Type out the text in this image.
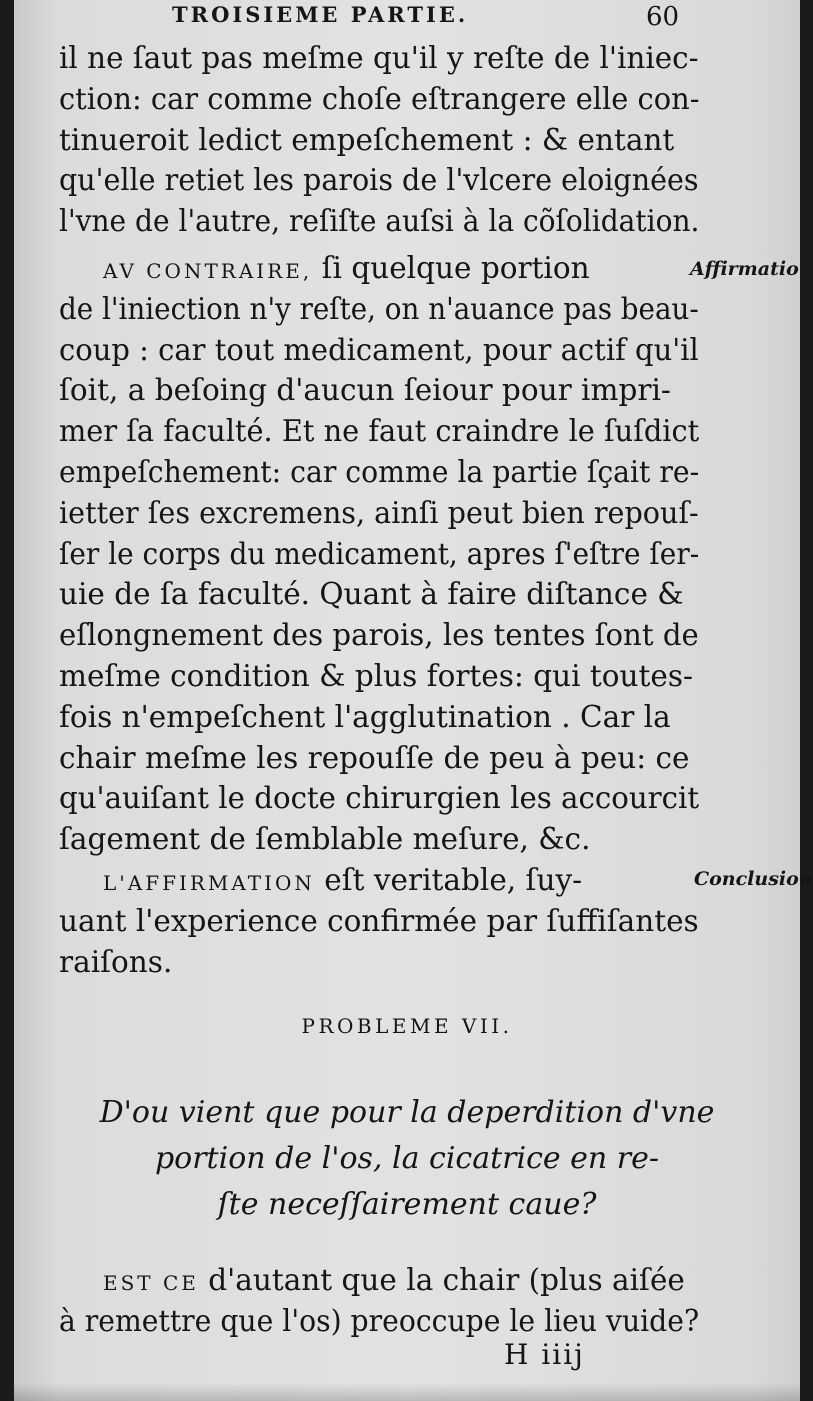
TROISIEME PARTIE.	60
il ne ſaut pas meſme qu'il y reſte de l'iniec-
ction: car comme choſe eſtrangere elle con-
tinueroit ledict empeſchement : & entant
qu'elle retiet les parois de l'vlcere eloignées
l'vne de l'autre, reſiſte auſsi à la cõſolidation.
AV CONTRAIRE, ſi quelque portion
de l'iniection n'y reſte, on n'auance pas beau-
coup : car tout medicament, pour actif qu'il
ſoit, a beſoing d'aucun ſeiour pour impri-
mer ſa faculté. Et ne faut craindre le ſuſdict
empeſchement: car comme la partie ſçait re-
ietter ſes excremens, ainſi peut bien repouſ-
ſer le corps du medicament, apres ſ'eſtre ſer-
uie de ſa faculté. Quant à faire diſtance &
eſlongnement des parois, les tentes ſont de
meſme condition & plus fortes: qui toutes-
fois n'empeſchent l'agglutination . Car la
chair meſme les repouſſe de peu à peu: ce
qu'auiſant le docte chirurgien les accourcit
ſagement de ſemblable meſure, &c.
L'AFFIRMATION eſt veritable, ſuy-
uant l'experience confirmée par ſuffiſantes
raiſons.
Affirmatio
Conclusion
PROBLEME VII.
D'ou vient que pour la deperdition d'vne
portion de l'os, la cicatrice en re-
ſte neceſſairement caue?
EST CE d'autant que la chair (plus aiſée
à remettre que l'os) preoccupe le lieu vuide?
H iiij
